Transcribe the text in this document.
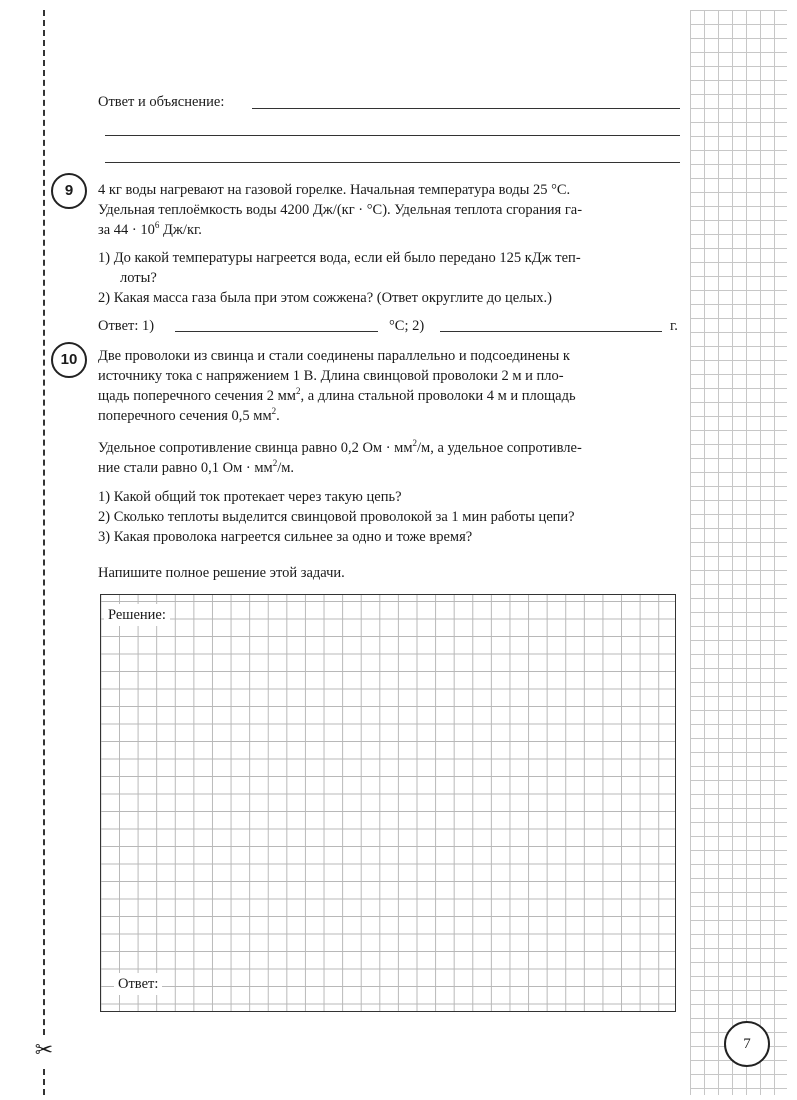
✂
Ответ и объяснение:
9	4 кг воды нагревают на газовой горелке. Начальная температура воды 25 °C.
Удельная теплоёмкость воды 4200 Дж/(кг · °C). Удельная теплота сгорания га-
за $44 \cdot 10^6$ Дж/кг.
1) До какой температуры нагреется вода, если ей было передано 125 кДж теп-
лоты?
2) Какая масса газа была при этом сожжена? (Ответ округлите до целых.)
Ответ: 1)	°C; 2)	г.
10	Две проволоки из свинца и стали соединены параллельно и подсоединены к
источнику тока с напряжением 1 В. Длина свинцовой проволоки 2 м и пло-
щадь поперечного сечения 2 $мм^2$, а длина стальной проволоки 4 м и площадь
поперечного сечения 0,5 $мм^2$.
Удельное сопротивление свинца равно 0,2 Ом · $мм^2/м$, а удельное сопротивле-
ние стали равно 0,1 Ом · $мм^2/м$.
1) Какой общий ток протекает через такую цепь?
2) Сколько теплоты выделится свинцовой проволокой за 1 мин работы цепи?
3) Какая проволока нагреется сильнее за одно и тоже время?
Напишите полное решение этой задачи.
Решение:
Ответ:
7
